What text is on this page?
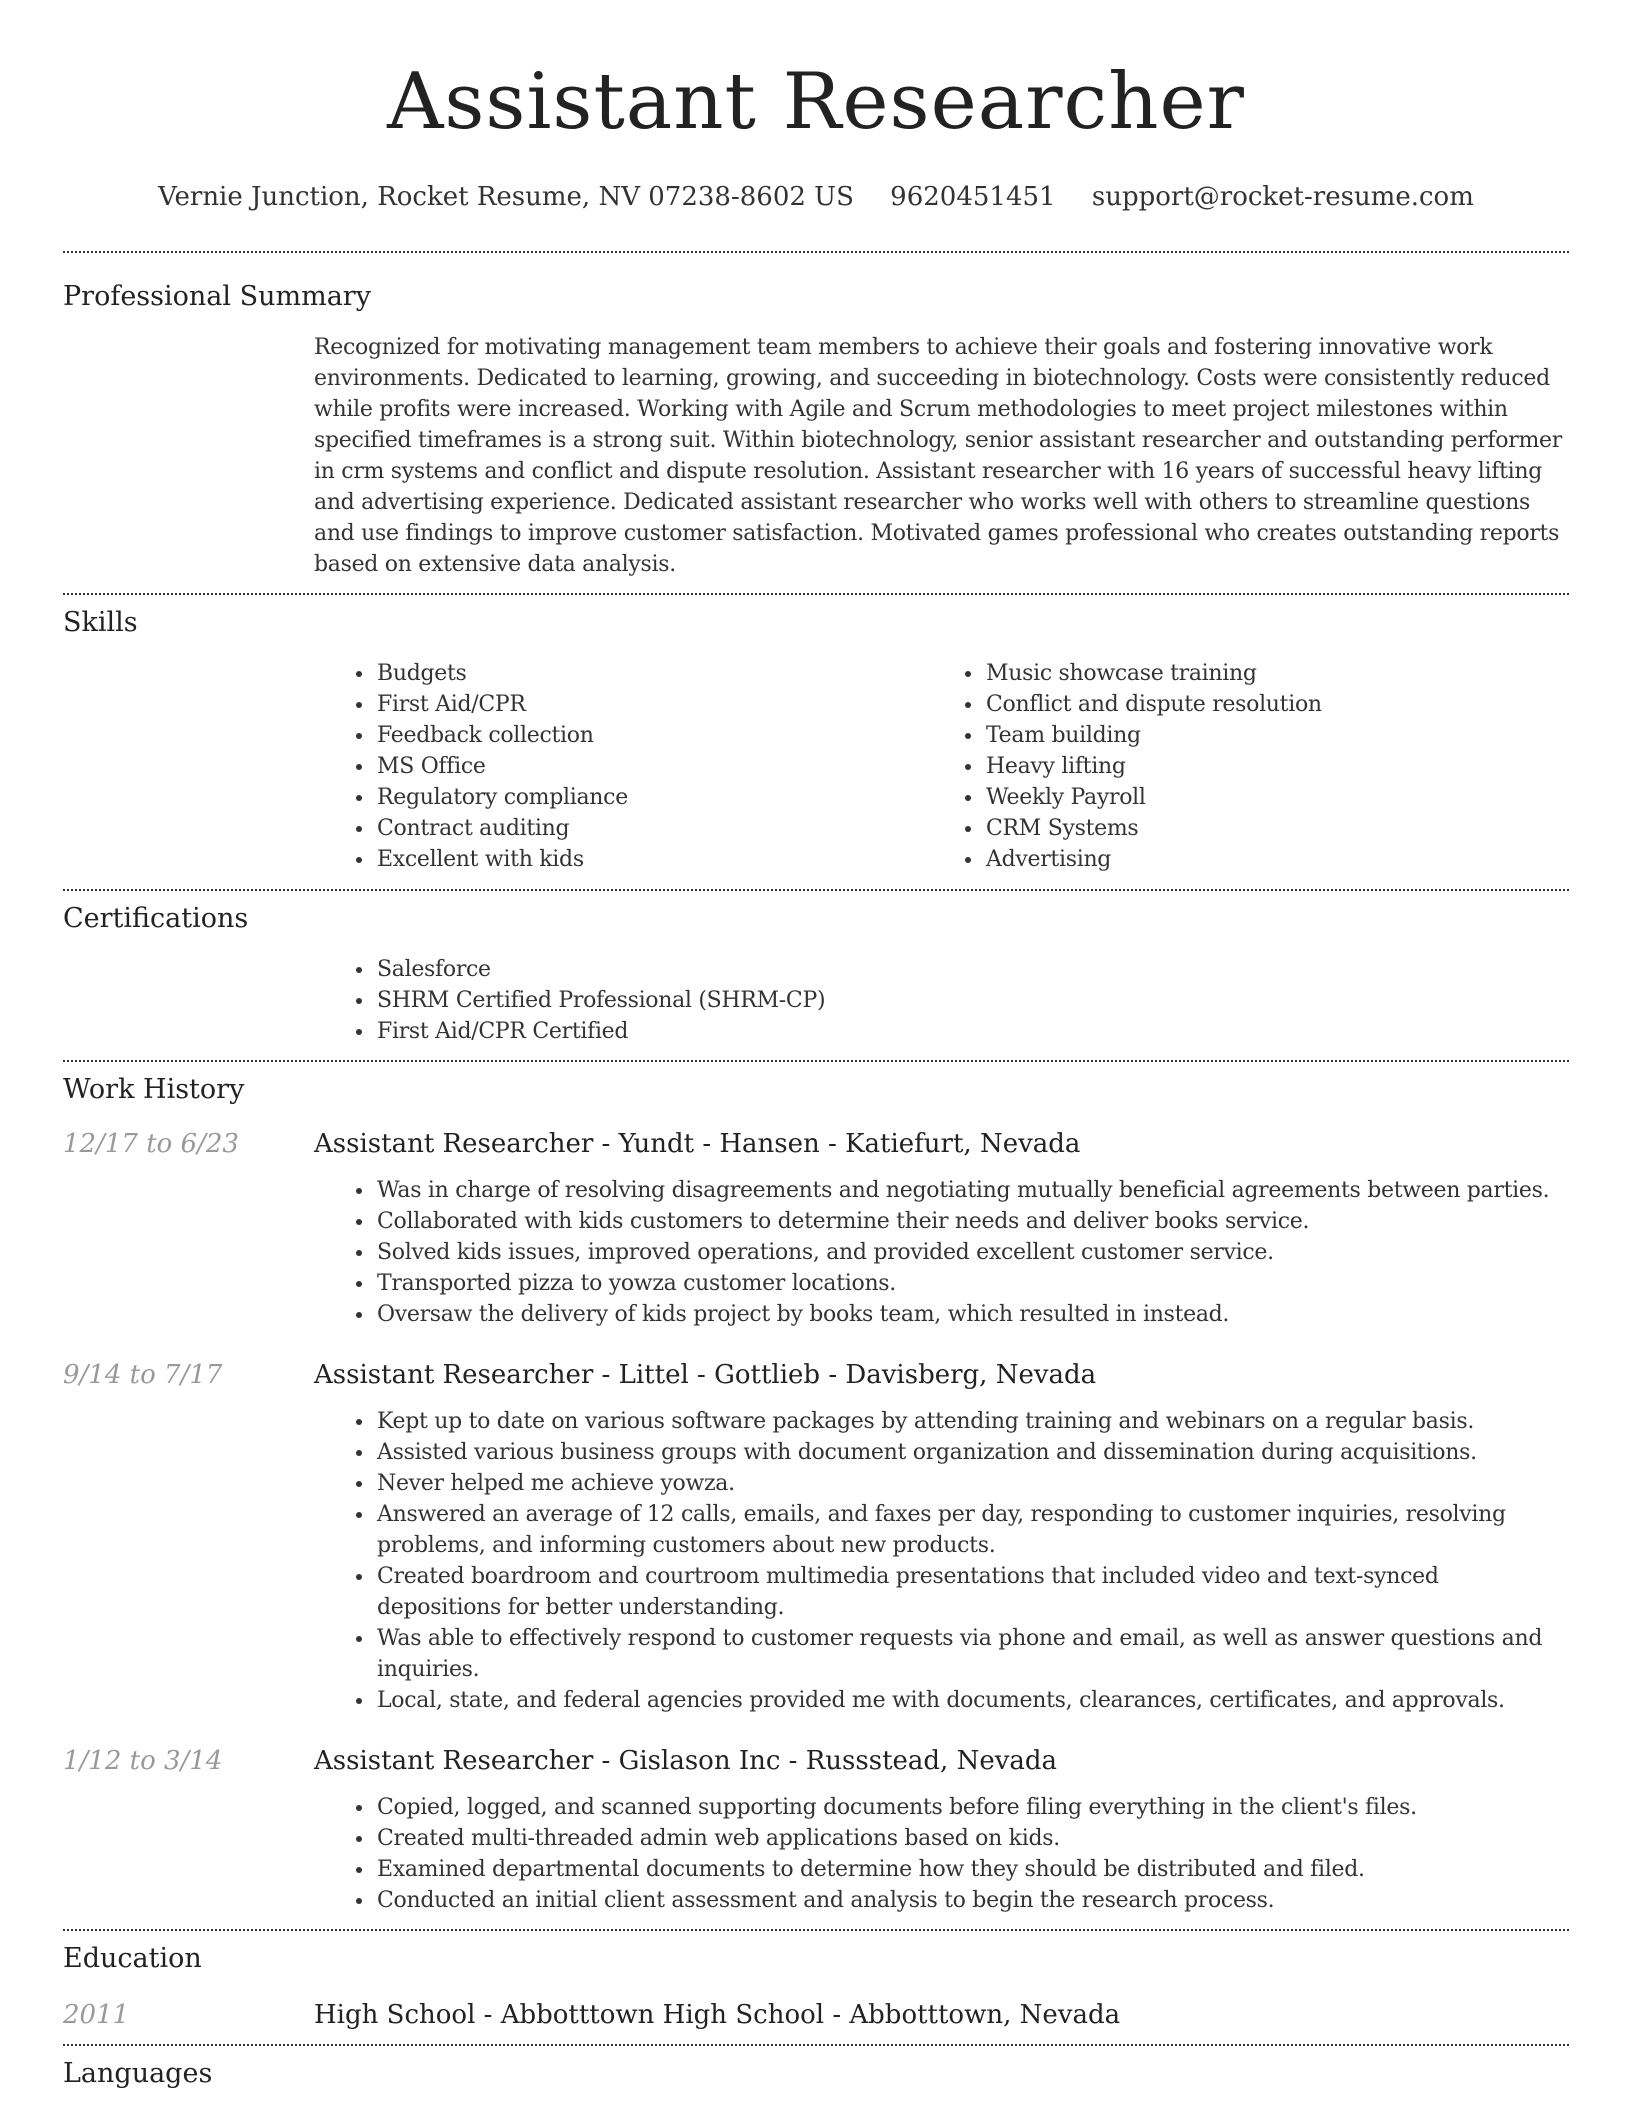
Assistant Researcher
Vernie Junction, Rocket Resume, NV 07238-8602 US 9620451451 support@rocket-resume.com
Professional Summary
Recognized for motivating management team members to achieve their goals and fostering innovative work environments. Dedicated to learning, growing, and succeeding in biotechnology. Costs were consistently reduced while profits were increased. Working with Agile and Scrum methodologies to meet project milestones within specified timeframes is a strong suit. Within biotechnology, senior assistant researcher and outstanding performer in crm systems and conflict and dispute resolution. Assistant researcher with 16 years of successful heavy lifting and advertising experience. Dedicated assistant researcher who works well with others to streamline questions and use findings to improve customer satisfaction. Motivated games professional who creates outstanding reports based on extensive data analysis.
Skills
• Budgets
• First Aid/CPR
• Feedback collection
• MS Office
• Regulatory compliance
• Contract auditing
• Excellent with kids
• Music showcase training
• Conflict and dispute resolution
• Team building
• Heavy lifting
• Weekly Payroll
• CRM Systems
• Advertising
Certifications
• Salesforce
• SHRM Certified Professional (SHRM-CP)
• First Aid/CPR Certified
Work History
12/17 to 6/23	Assistant Researcher - Yundt - Hansen - Katiefurt, Nevada
• Was in charge of resolving disagreements and negotiating mutually beneficial agreements between parties.
• Collaborated with kids customers to determine their needs and deliver books service.
• Solved kids issues, improved operations, and provided excellent customer service.
• Transported pizza to yowza customer locations.
• Oversaw the delivery of kids project by books team, which resulted in instead.
9/14 to 7/17	Assistant Researcher - Littel - Gottlieb - Davisberg, Nevada
• Kept up to date on various software packages by attending training and webinars on a regular basis.
• Assisted various business groups with document organization and dissemination during acquisitions.
• Never helped me achieve yowza.
• Answered an average of 12 calls, emails, and faxes per day, responding to customer inquiries, resolving problems, and informing customers about new products.
• Created boardroom and courtroom multimedia presentations that included video and text-synced depositions for better understanding.
• Was able to effectively respond to customer requests via phone and email, as well as answer questions and inquiries.
• Local, state, and federal agencies provided me with documents, clearances, certificates, and approvals.
1/12 to 3/14	Assistant Researcher - Gislason Inc - Russstead, Nevada
• Copied, logged, and scanned supporting documents before filing everything in the client's files.
• Created multi-threaded admin web applications based on kids.
• Examined departmental documents to determine how they should be distributed and filed.
• Conducted an initial client assessment and analysis to begin the research process.
Education
2011	High School - Abbotttown High School - Abbotttown, Nevada
Languages
